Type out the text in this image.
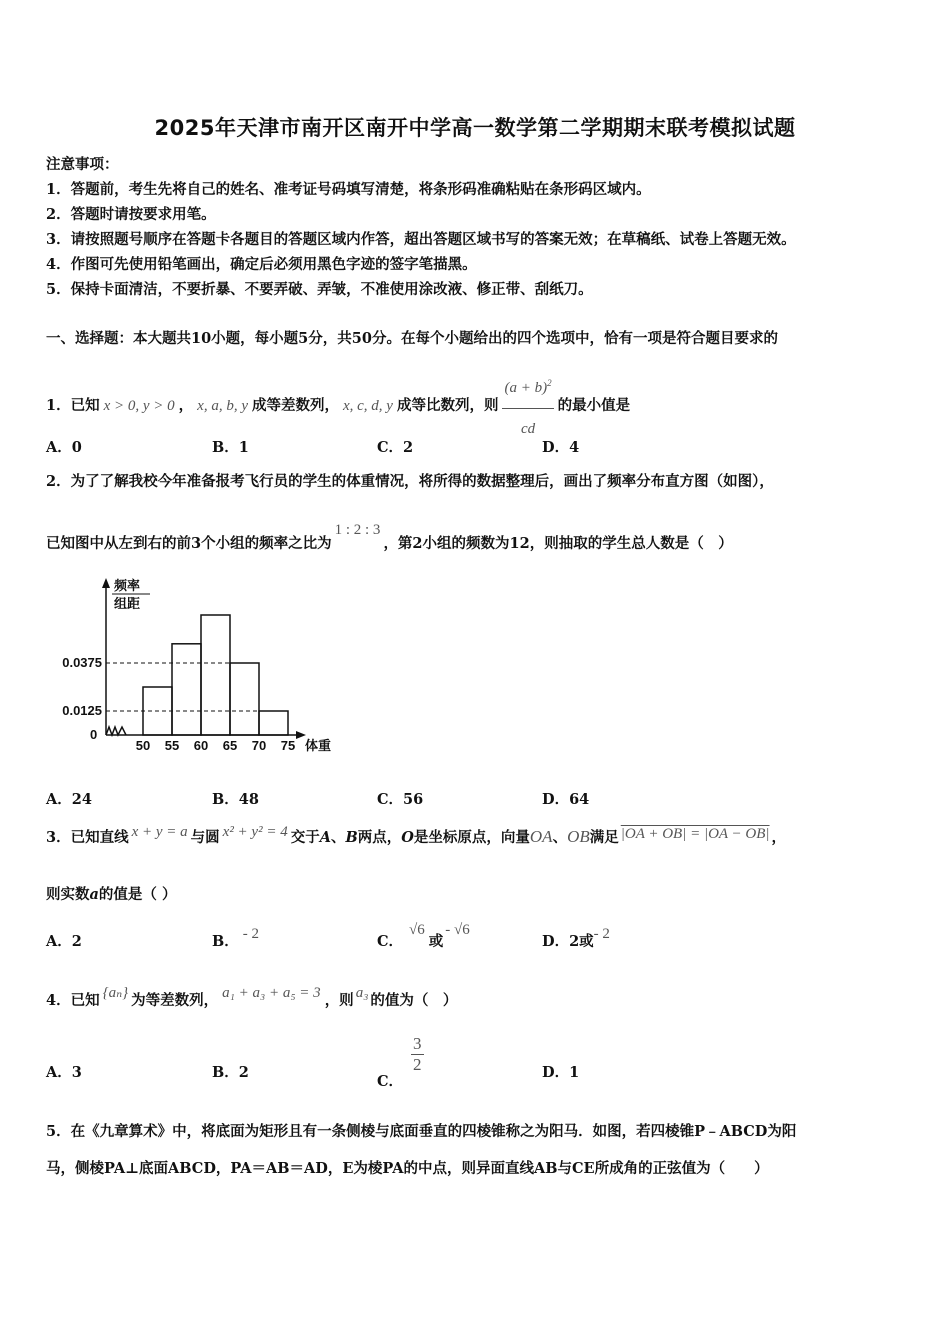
2025年天津市南开区南开中学高一数学第二学期期末联考模拟试题
注意事项：
1．答题前，考生先将自己的姓名、准考证号码填写清楚，将条形码准确粘贴在条形码区域内。
2．答题时请按要求用笔。
3．请按照题号顺序在答题卡各题目的答题区域内作答，超出答题区域书写的答案无效；在草稿纸、试卷上答题无效。
4．作图可先使用铅笔画出，确定后必须用黑色字迹的签字笔描黑。
5．保持卡面清洁，不要折暴、不要弄破、弄皱，不准使用涂改液、修正带、刮纸刀。
一、选择题：本大题共10小题，每小题5分，共50分。在每个小题给出的四个选项中，恰有一项是符合题目要求的
1．已知 x > 0, y > 0 ， x, a, b, y 成等差数列， x, c, d, y 成等比数列，则 $\frac{(a + b)^2}{cd}$ 的最小值是
A．0	B．1	C．2	D．4
2．为了了解我校今年准备报考飞行员的学生的体重情况，将所得的数据整理后，画出了频率分布直方图（如图），
已知图中从左到右的前3个小组的频率之比为1 : 2 : 3，第2小组的频数为12，则抽取的学生总人数是（　）
频率
组距
0
0.0375
0.0125
50 55 60 65 70 75 体重
A．24	B．48	C．56	D．64
3．已知直线 x + y = a 与圆 x² + y² = 4 交于A、B两点，O是坐标原点，向量OA、OB满足 |OA + OB| = |OA − OB| ，
则实数a的值是（ ）
A．2	B． - 2	C．√6或- √6
D．2或- 2
4．已知 {aₙ} 为等差数列， a₁ + a₃ + a₅ = 3 ，则 a₃ 的值为（　）
A．3	B．2	C．
$\frac{3}{2}$	D．1
5．在《九章算术》中，将底面为矩形且有一条侧棱与底面垂直的四棱锥称之为阳马．如图，若四棱锥P﹣ABCD为阳
马，侧棱PA⊥底面ABCD，PA＝AB＝AD，E为棱PA的中点，则异面直线AB与CE所成角的正弦值为（　　）
